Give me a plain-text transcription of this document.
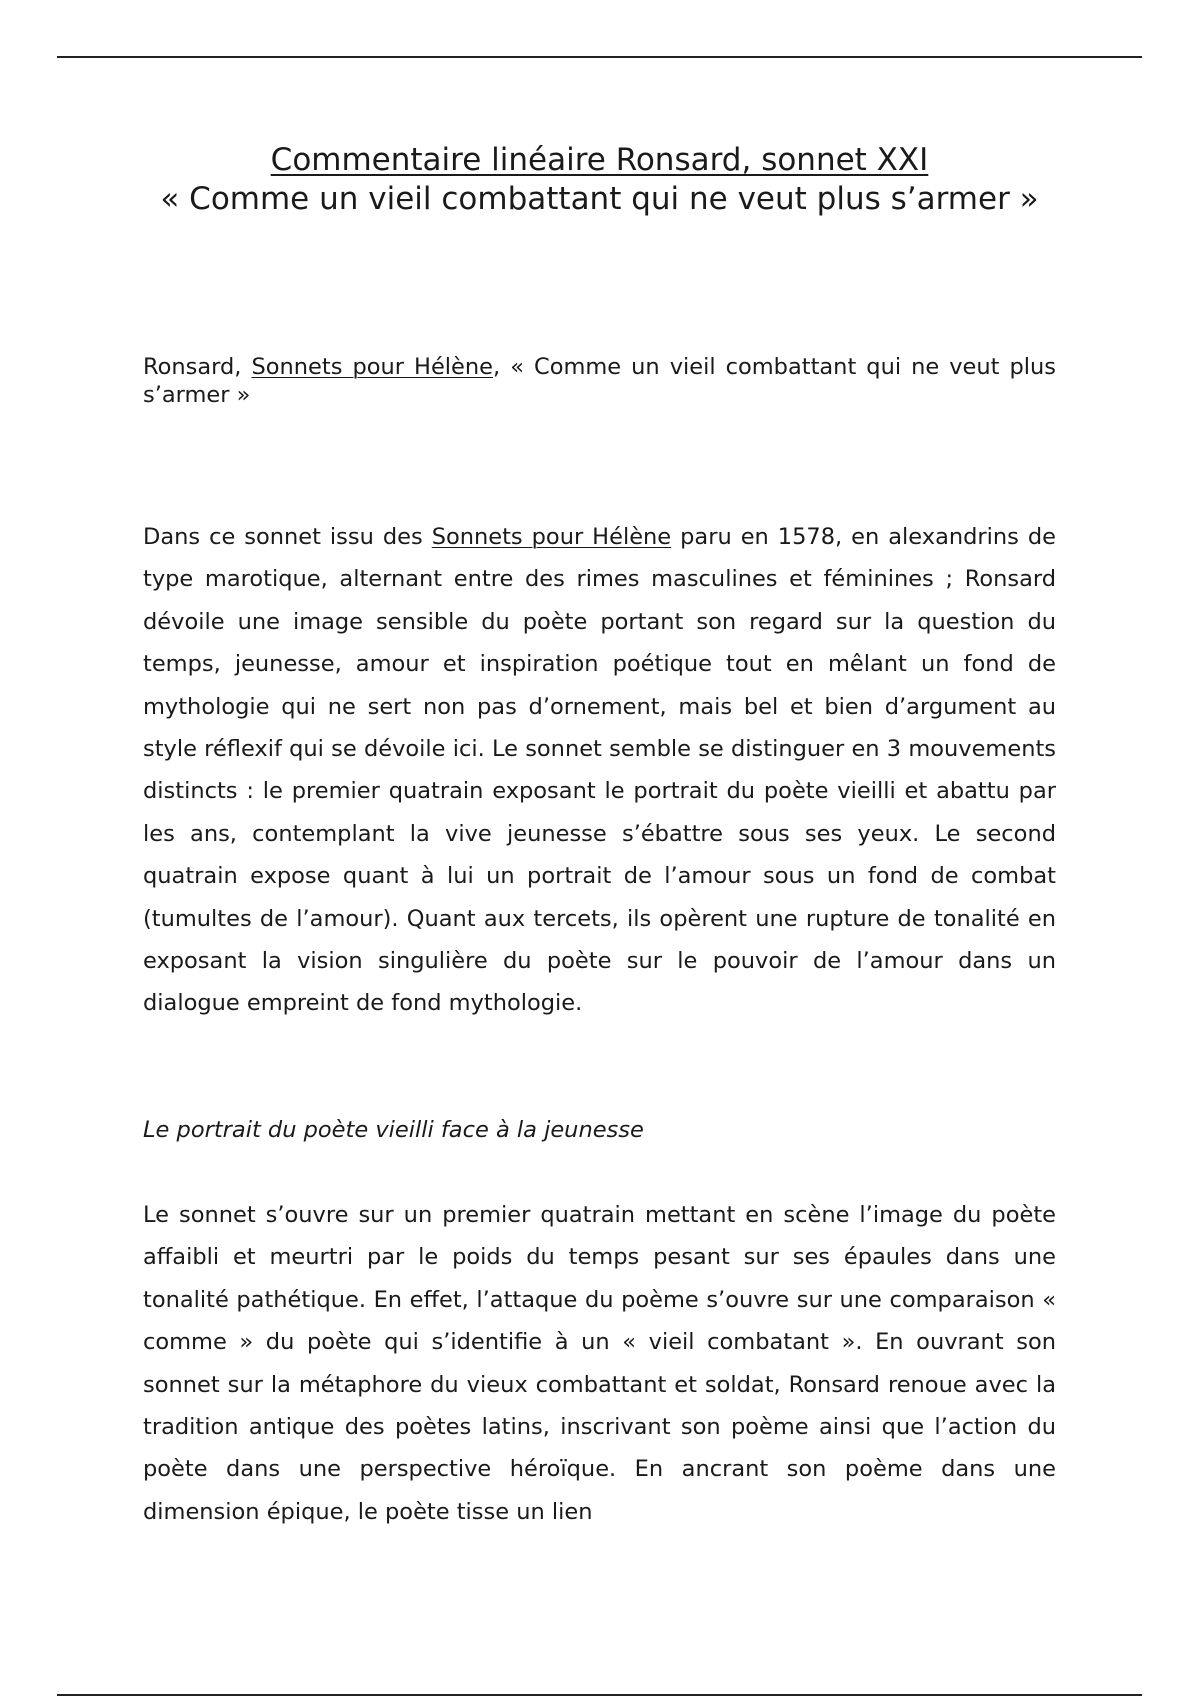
Commentaire linéaire Ronsard, sonnet XXI
« Comme un vieil combattant qui ne veut plus s’armer »
Ronsard, Sonnets pour Hélène, « Comme un vieil combattant qui ne veut plus s’armer »
Dans ce sonnet issu des Sonnets pour Hélène paru en 1578, en alexandrins de type marotique, alternant entre des rimes masculines et féminines ; Ronsard dévoile une image sensible du poète portant son regard sur la question du temps, jeunesse, amour et inspiration poétique tout en mêlant un fond de mythologie qui ne sert non pas d’ornement, mais bel et bien d’argument au style réflexif qui se dévoile ici. Le sonnet semble se distinguer en 3 mouvements distincts : le premier quatrain exposant le portrait du poète vieilli et abattu par les ans, contemplant la vive jeunesse s’ébattre sous ses yeux. Le second quatrain expose quant à lui un portrait de l’amour sous un fond de combat (tumultes de l’amour). Quant aux tercets, ils opèrent une rupture de tonalité en exposant la vision singulière du poète sur le pouvoir de l’amour dans un dialogue empreint de fond mythologie.
Le portrait du poète vieilli face à la jeunesse
Le sonnet s’ouvre sur un premier quatrain mettant en scène l’image du poète affaibli et meurtri par le poids du temps pesant sur ses épaules dans une tonalité pathétique. En effet, l’attaque du poème s’ouvre sur une comparaison « comme » du poète qui s’identifie à un « vieil combatant ». En ouvrant son sonnet sur la métaphore du vieux combattant et soldat, Ronsard renoue avec la tradition antique des poètes latins, inscrivant son poème ainsi que l’action du poète dans une perspective héroïque. En ancrant son poème dans une dimension épique, le poète tisse un lien
